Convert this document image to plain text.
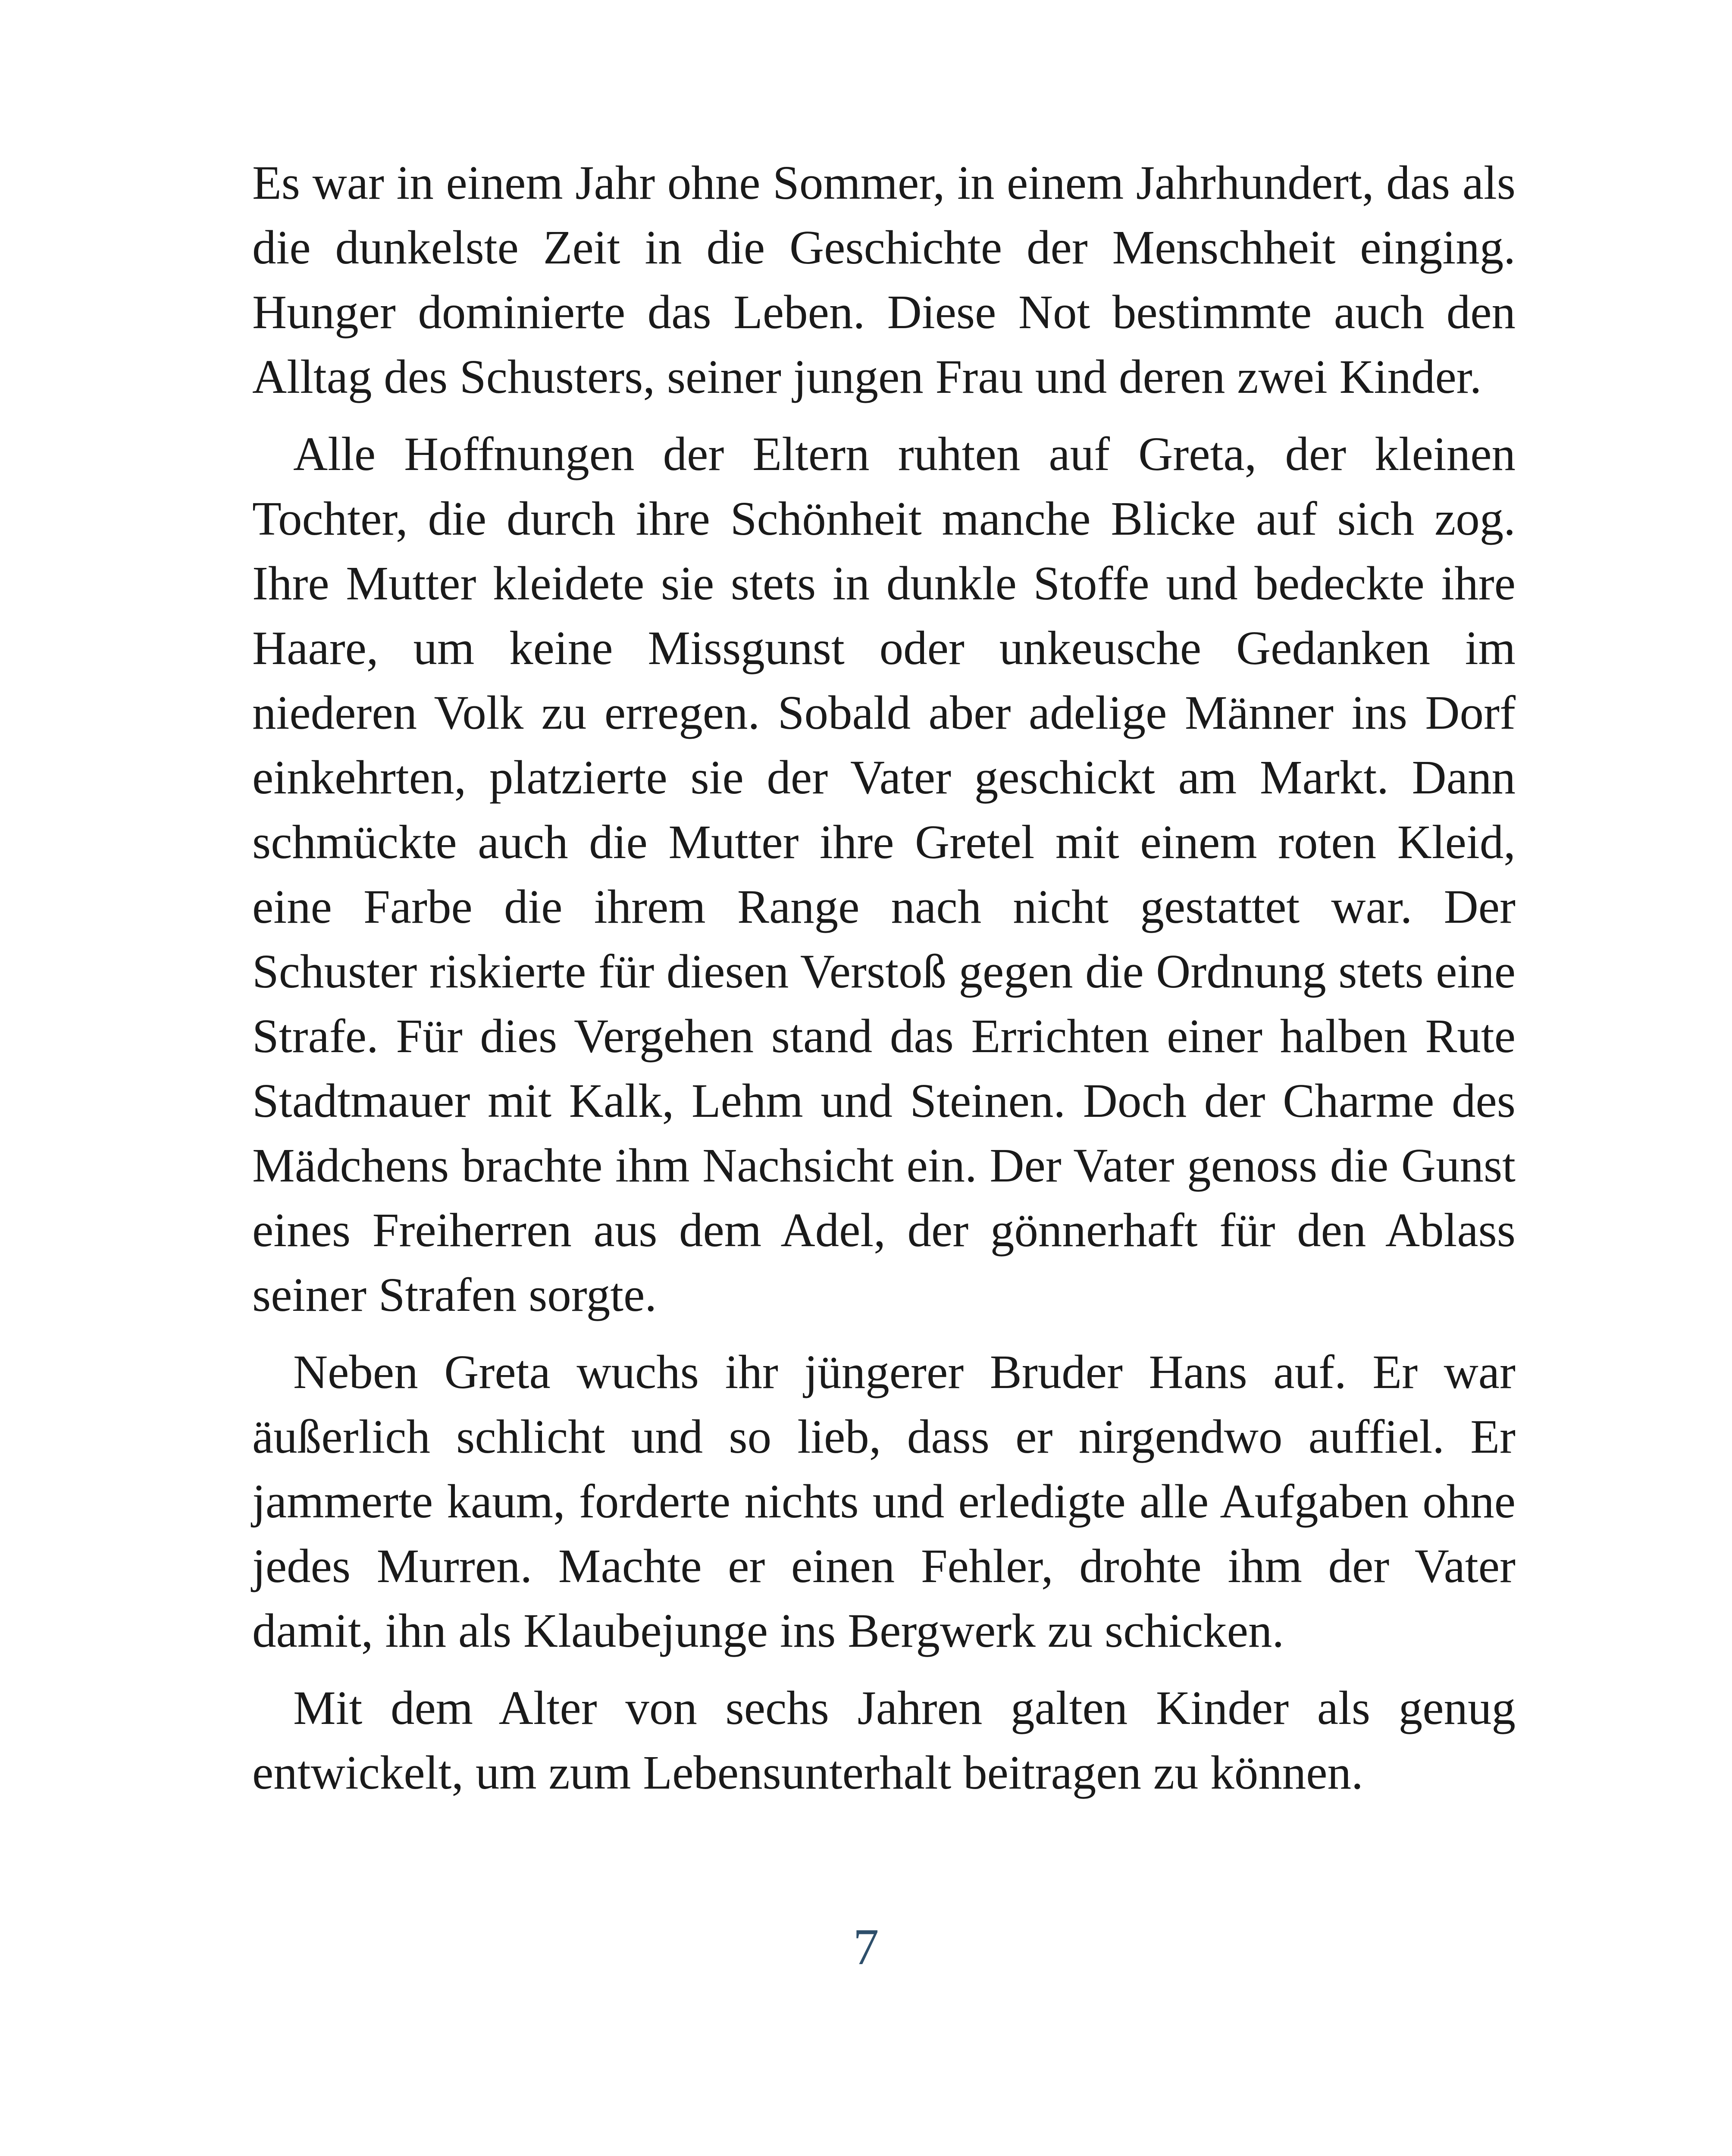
Es war in einem Jahr ohne Sommer, in einem Jahrhundert, das als die dunkelste Zeit in die Geschichte der Menschheit einging. Hunger dominierte das Leben. Diese Not bestimmte auch den Alltag des Schusters, seiner jungen Frau und deren zwei Kinder.

Alle Hoffnungen der Eltern ruhten auf Greta, der kleinen Tochter, die durch ihre Schönheit manche Blicke auf sich zog. Ihre Mutter kleidete sie stets in dunkle Stoffe und bedeckte ihre Haare, um keine Missgunst oder unkeusche Gedanken im niederen Volk zu erregen. Sobald aber adelige Männer ins Dorf einkehrten, platzierte sie der Vater geschickt am Markt. Dann schmückte auch die Mutter ihre Gretel mit einem roten Kleid, eine Farbe die ihrem Range nach nicht gestattet war. Der Schuster riskierte für diesen Verstoß gegen die Ordnung stets eine Strafe. Für dies Vergehen stand das Errichten einer halben Rute Stadtmauer mit Kalk, Lehm und Steinen. Doch der Charme des Mädchens brachte ihm Nachsicht ein. Der Vater genoss die Gunst eines Freiherren aus dem Adel, der gönnerhaft für den Ablass seiner Strafen sorgte.

Neben Greta wuchs ihr jüngerer Bruder Hans auf. Er war äußerlich schlicht und so lieb, dass er nirgendwo auffiel. Er jammerte kaum, forderte nichts und erledigte alle Aufgaben ohne jedes Murren. Machte er einen Fehler, drohte ihm der Vater damit, ihn als Klaubejunge ins Bergwerk zu schicken.

Mit dem Alter von sechs Jahren galten Kinder als genug entwickelt, um zum Lebensunterhalt beitragen zu können.

7
